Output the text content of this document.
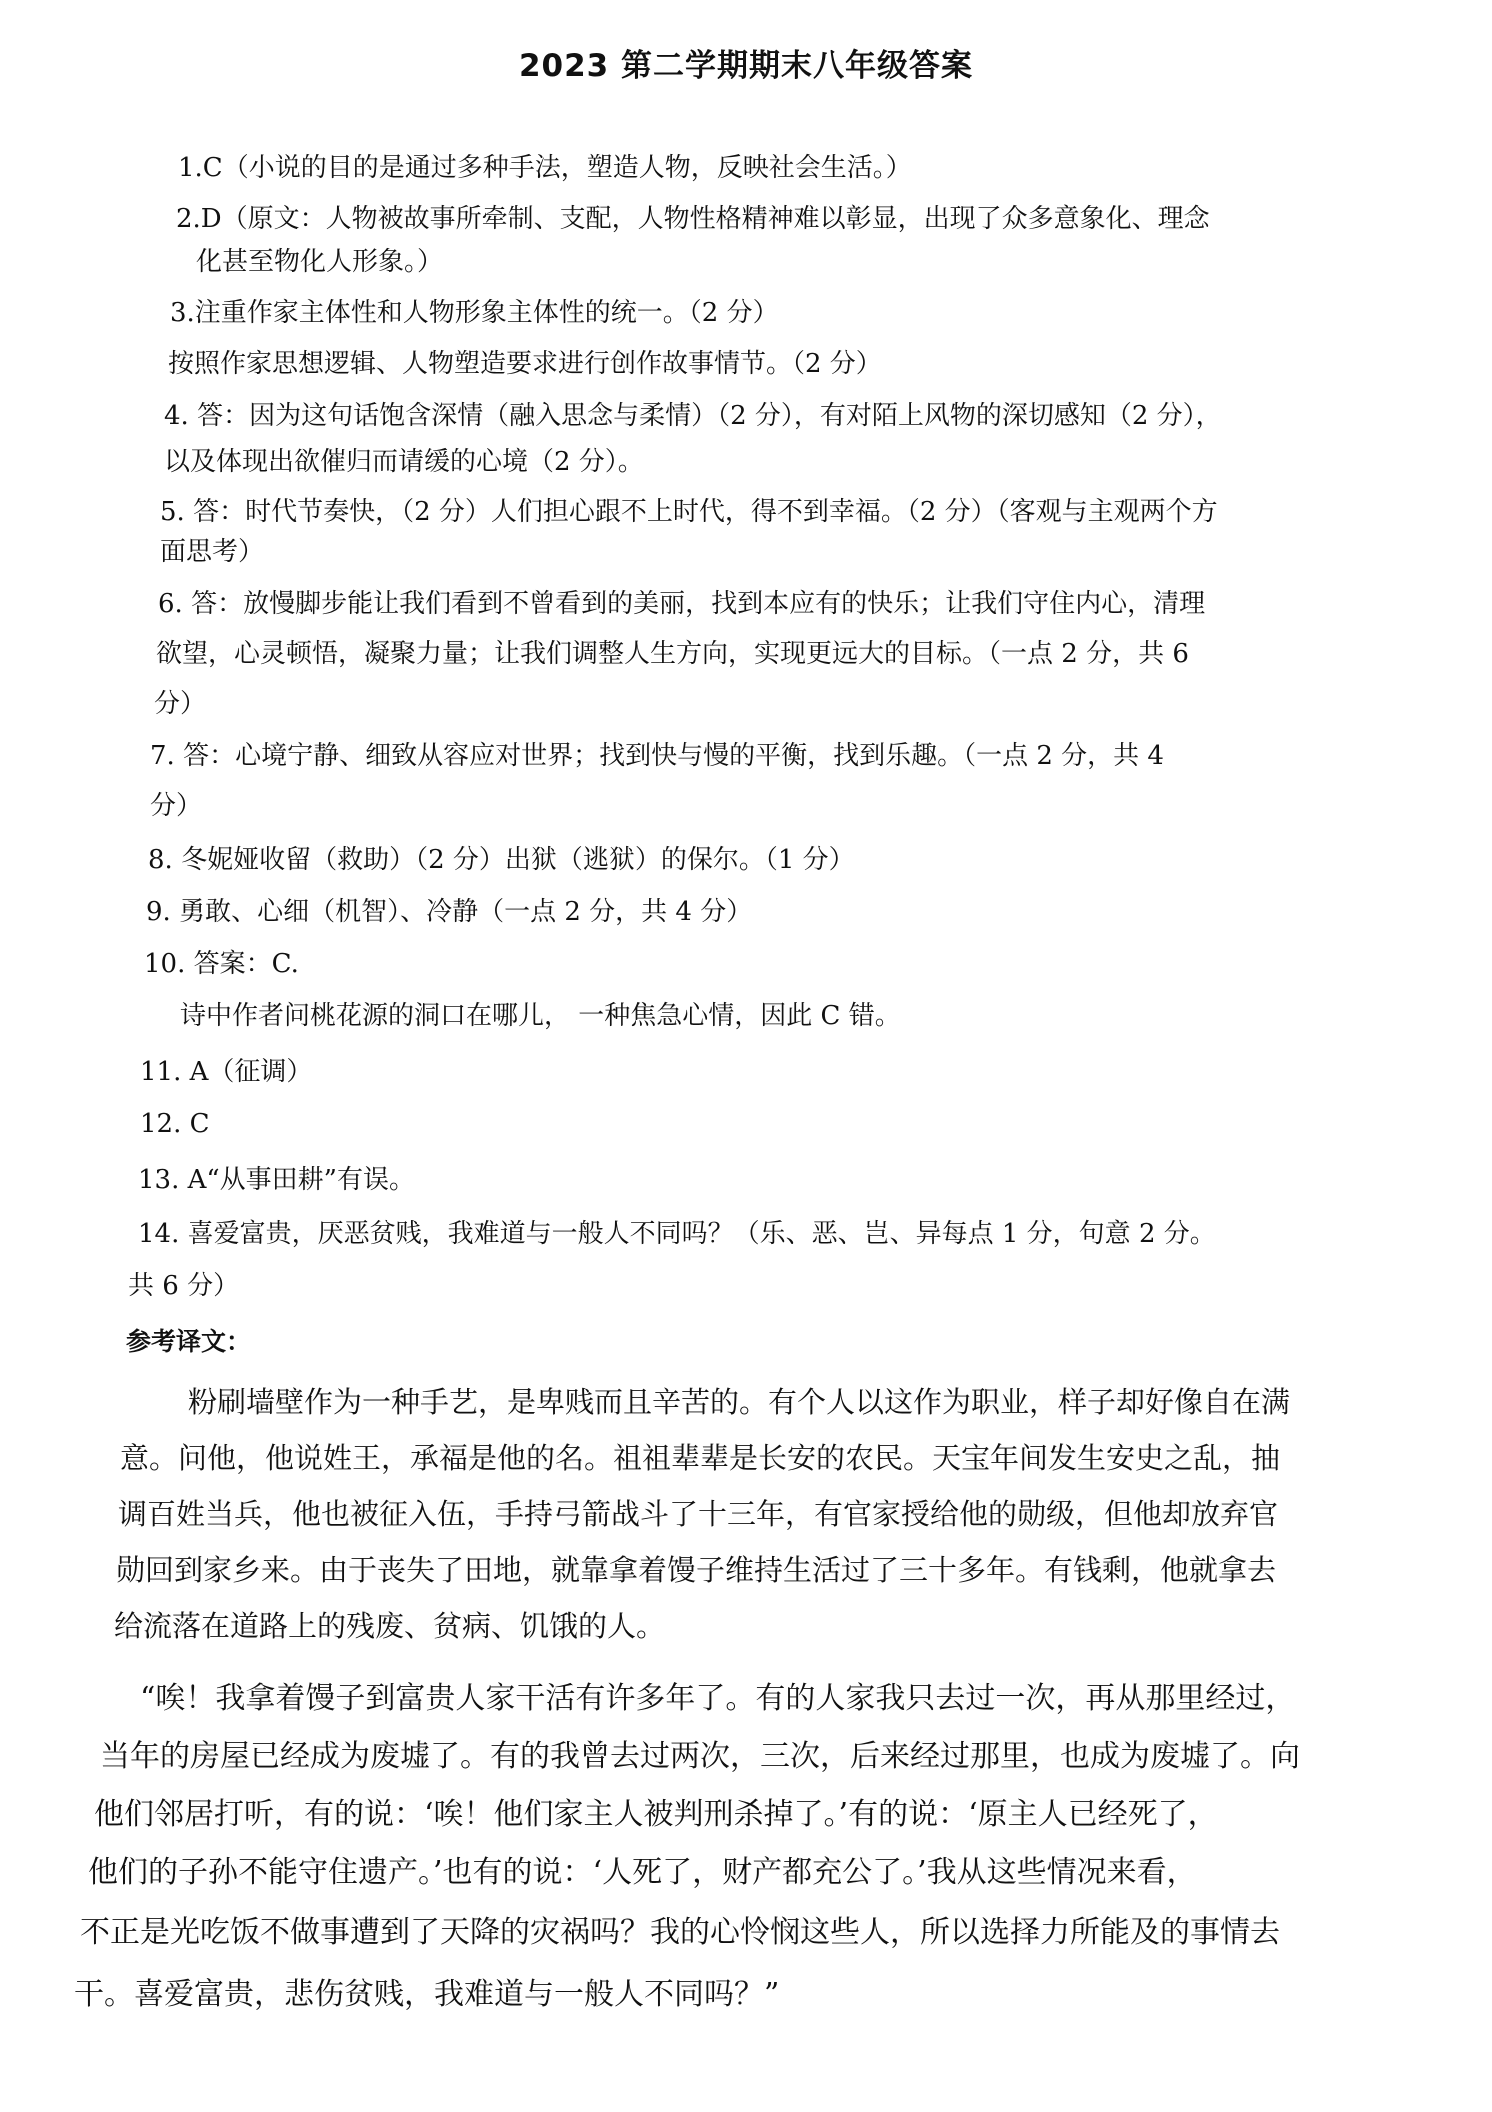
2023 第二学期期末八年级答案
1.C（小说的目的是通过多种手法，塑造人物，反映社会生活。）
2.D（原文：人物被故事所牵制、支配，人物性格精神难以彰显，出现了众多意象化、理念
化甚至物化人形象。）
3.注重作家主体性和人物形象主体性的统一。（2 分）
按照作家思想逻辑、人物塑造要求进行创作故事情节。（2 分）
4. 答：因为这句话饱含深情（融入思念与柔情）（2 分），有对陌上风物的深切感知（2 分），
以及体现出欲催归而请缓的心境（2 分）。
5. 答：时代节奏快，（2 分）人们担心跟不上时代，得不到幸福。（2 分）（客观与主观两个方
面思考）
6. 答：放慢脚步能让我们看到不曾看到的美丽，找到本应有的快乐；让我们守住内心，清理
欲望，心灵顿悟，凝聚力量；让我们调整人生方向，实现更远大的目标。（一点 2 分，共 6
分）
7. 答：心境宁静、细致从容应对世界；找到快与慢的平衡，找到乐趣。（一点 2 分，共 4
分）
8. 冬妮娅收留（救助）（2 分）出狱（逃狱）的保尔。（1 分）
9. 勇敢、心细（机智）、冷静（一点 2 分，共 4 分）
10. 答案：C.
诗中作者问桃花源的洞口在哪儿， 一种焦急心情，因此 C 错。
11. A（征调）
12. C
13. A“从事田耕”有误。
14. 喜爱富贵，厌恶贫贱，我难道与一般人不同吗？（乐、恶、岂、异每点 1 分，句意 2 分。
共 6 分）
参考译文：
粉刷墙壁作为一种手艺，是卑贱而且辛苦的。有个人以这作为职业，样子却好像自在满
意。问他，他说姓王，承福是他的名。祖祖辈辈是长安的农民。天宝年间发生安史之乱，抽
调百姓当兵，他也被征入伍，手持弓箭战斗了十三年，有官家授给他的勋级，但他却放弃官
勋回到家乡来。由于丧失了田地，就靠拿着馒子维持生活过了三十多年。有钱剩，他就拿去
给流落在道路上的残废、贫病、饥饿的人。
“唉！我拿着馒子到富贵人家干活有许多年了。有的人家我只去过一次，再从那里经过，
当年的房屋已经成为废墟了。有的我曾去过两次，三次，后来经过那里，也成为废墟了。向
他们邻居打听，有的说：‘唉！他们家主人被判刑杀掉了。’有的说：‘原主人已经死了，
他们的子孙不能守住遗产。’也有的说：‘人死了，财产都充公了。’我从这些情况来看，
不正是光吃饭不做事遭到了天降的灾祸吗？我的心怜悯这些人，所以选择力所能及的事情去
干。喜爱富贵，悲伤贫贱，我难道与一般人不同吗？”
